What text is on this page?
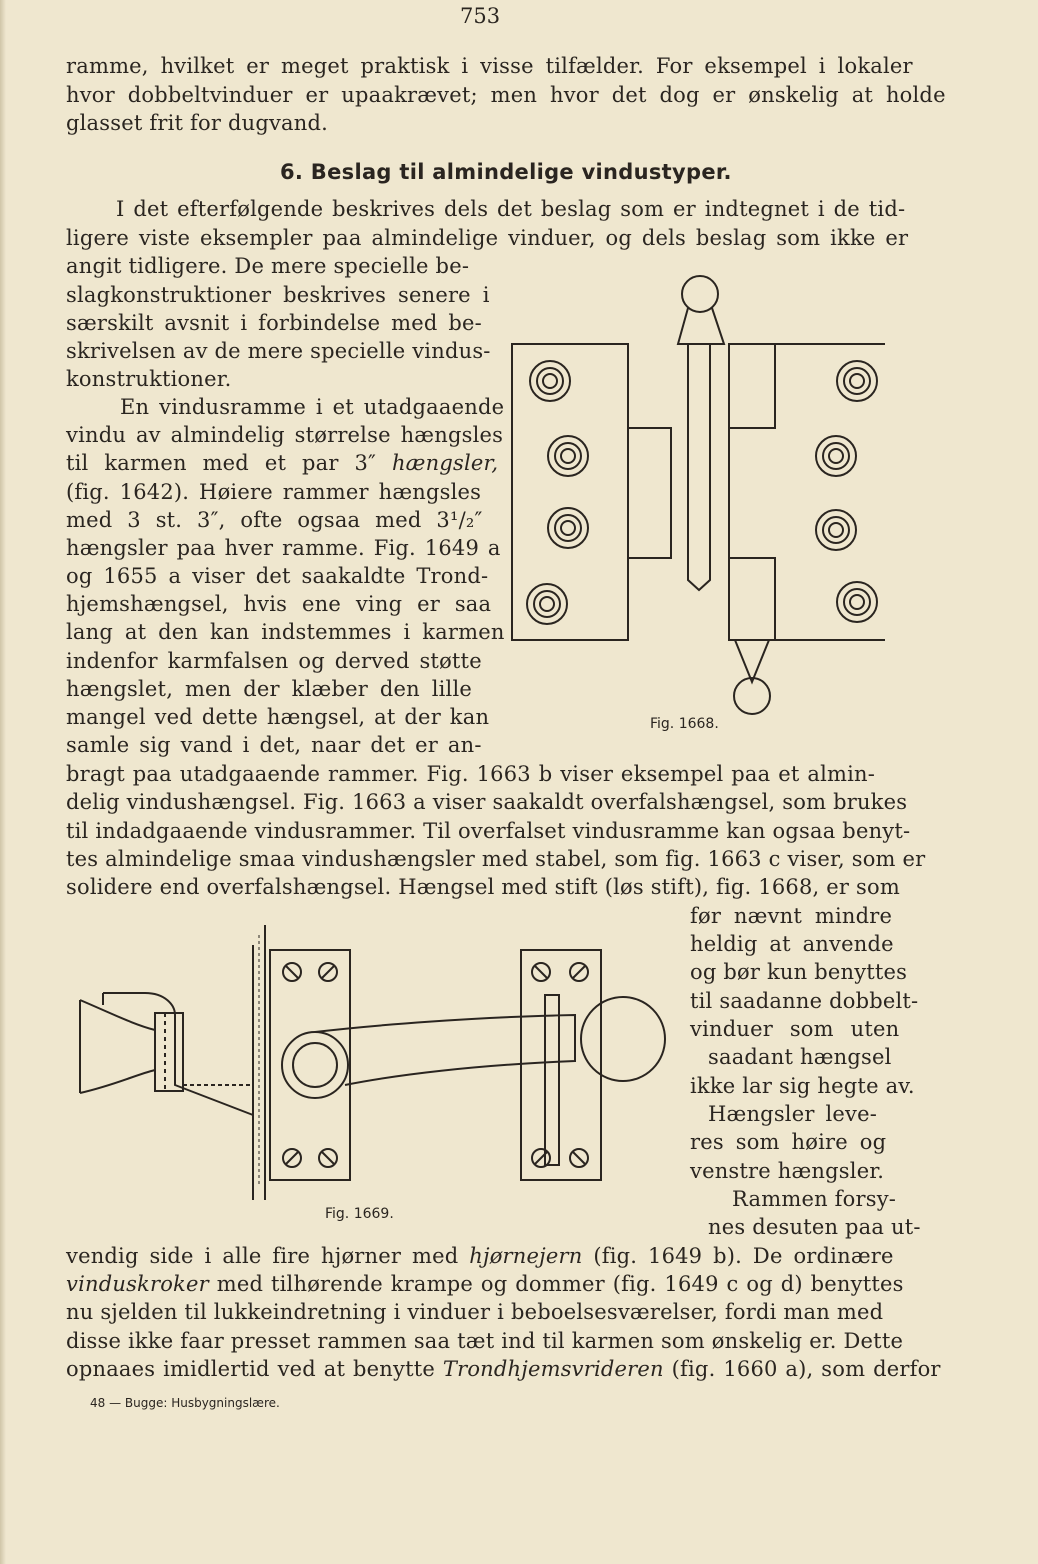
753
ramme, hvilket er meget praktisk i visse tilfælder. For eksempel i lokaler
hvor dobbeltvinduer er upaakrævet; men hvor det dog er ønskelig at holde
glasset frit for dugvand.
6. Beslag til almindelige vindustyper.
I det efterfølgende beskrives dels det beslag som er indtegnet i de tid-
ligere viste eksempler paa almindelige vinduer, og dels beslag som ikke er
angit tidligere. De mere specielle be-
slagkonstruktioner beskrives senere i
særskilt avsnit i forbindelse med be-
skrivelsen av de mere specielle vindus-
konstruktioner.
En vindusramme i et utadgaaende
vindu av almindelig størrelse hængsles
til karmen med et par 3″ hængsler,
(fig. 1642). Høiere rammer hængsles
med 3 st. 3″, ofte ogsaa med 3¹/₂″
hængsler paa hver ramme. Fig. 1649 a
og 1655 a viser det saakaldte Trond-
hjemshængsel, hvis ene ving er saa
lang at den kan indstemmes i karmen
indenfor karmfalsen og derved støtte
hængslet, men der klæber den lille
mangel ved dette hængsel, at der kan
samle sig vand i det, naar det er an-
bragt paa utadgaaende rammer. Fig. 1663 b viser eksempel paa et almin-
delig vindushængsel. Fig. 1663 a viser saakaldt overfalshængsel, som brukes
til indadgaaende vindusrammer. Til overfalset vindusramme kan ogsaa benyt-
tes almindelige smaa vindushængsler med stabel, som fig. 1663 c viser, som er
solidere end overfalshængsel. Hængsel med stift (løs stift), fig. 1668, er som
før nævnt mindre
heldig at anvende
og bør kun benyttes
til saadanne dobbelt-
vinduer som uten
saadant hængsel
ikke lar sig hegte av.
Hængsler leve-
res som høire og
venstre hængsler.
Rammen forsy-
nes desuten paa ut-
vendig side i alle fire hjørner med hjørnejern (fig. 1649 b). De ordinære
vinduskroker med tilhørende krampe og dommer (fig. 1649 c og d) benyttes
nu sjelden til lukkeindretning i vinduer i beboelsesværelser, fordi man med
disse ikke faar presset rammen saa tæt ind til karmen som ønskelig er. Dette
opnaaes imidlertid ved at benytte Trondhjemsvrideren (fig. 1660 a), som derfor
Fig. 1668.
Fig. 1669.
48 — Bugge: Husbygningslære.
